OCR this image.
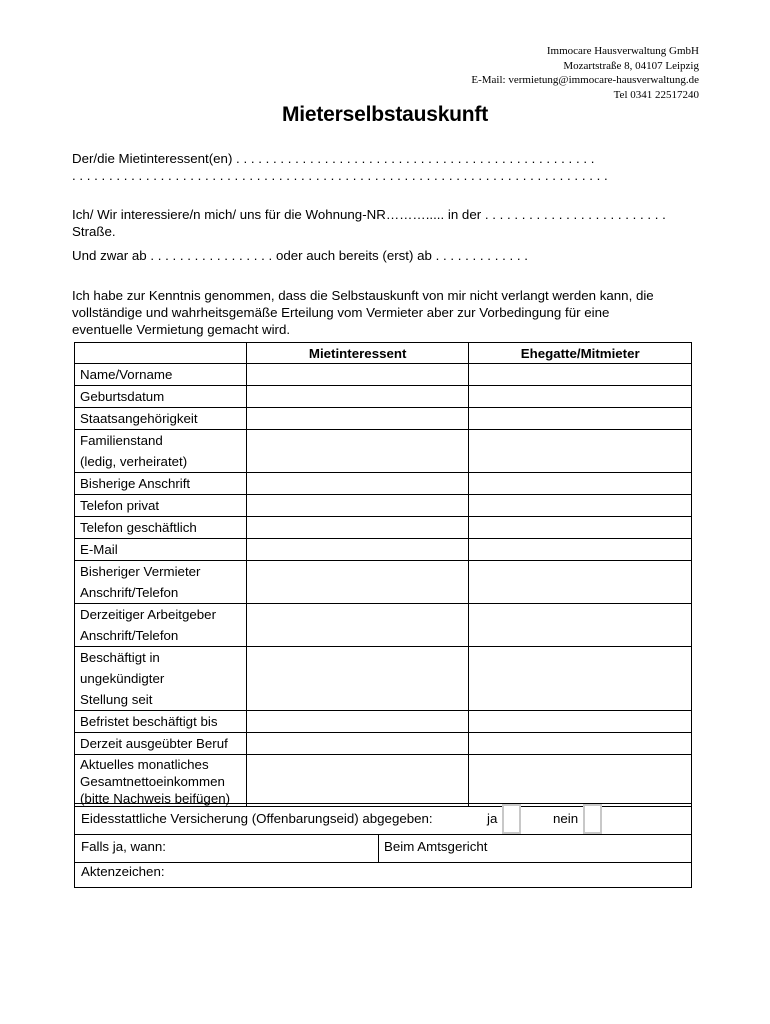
Immocare Hausverwaltung GmbH
Mozartstraße 8, 04107 Leipzig
E-Mail: vermietung@immocare-hausverwaltung.de
Tel 0341 22517240
Mieterselbstauskunft
Der/die Mietinteressent(en) . . . . . . . . . . . . . . . . . . . . . . . . . . . . . . . . . . . . . . . . . . . . . . . . .
. . . . . . . . . . . . . . . . . . . . . . . . . . . . . . . . . . . . . . . . . . . . . . . . . . . . . . . . . . . . . . . . . . . . . . . . .
Ich/ Wir interessiere/n mich/ uns für die Wohnung-NR………..... in der . . . . . . . . . . . . . . . . . . . . . . . . .
Straße.
Und zwar ab . . . . . . . . . . . . . . . . . oder auch bereits (erst) ab . . . . . . . . . . . . .
Ich habe zur Kenntnis genommen, dass die Selbstauskunft von mir nicht verlangt werden kann, die
vollständige und wahrheitsgemäße Erteilung vom Vermieter aber zur Vorbedingung für eine
eventuelle Vermietung gemacht wird.
	Mietinteressent	Ehegatte/Mitmieter

Name/Vorname		

Geburtsdatum		

Staatsangehörigkeit		

Familienstand
(ledig, verheiratet)		

Bisherige Anschrift		

Telefon privat		

Telefon geschäftlich		

E-Mail		

Bisheriger Vermieter
Anschrift/Telefon		

Derzeitiger Arbeitgeber
Anschrift/Telefon		

Beschäftigt in
ungekündigter
Stellung seit		

Befristet beschäftigt bis		

Derzeit ausgeübter Beruf		

Aktuelles monatliches
Gesamtnettoeinkommen
(bitte Nachweis beifügen)		

Eidesstattliche Versicherung (Offenbarungseid) abgegeben:	ja	nein
Falls ja, wann:	Beim Amtsgericht
Aktenzeichen:
